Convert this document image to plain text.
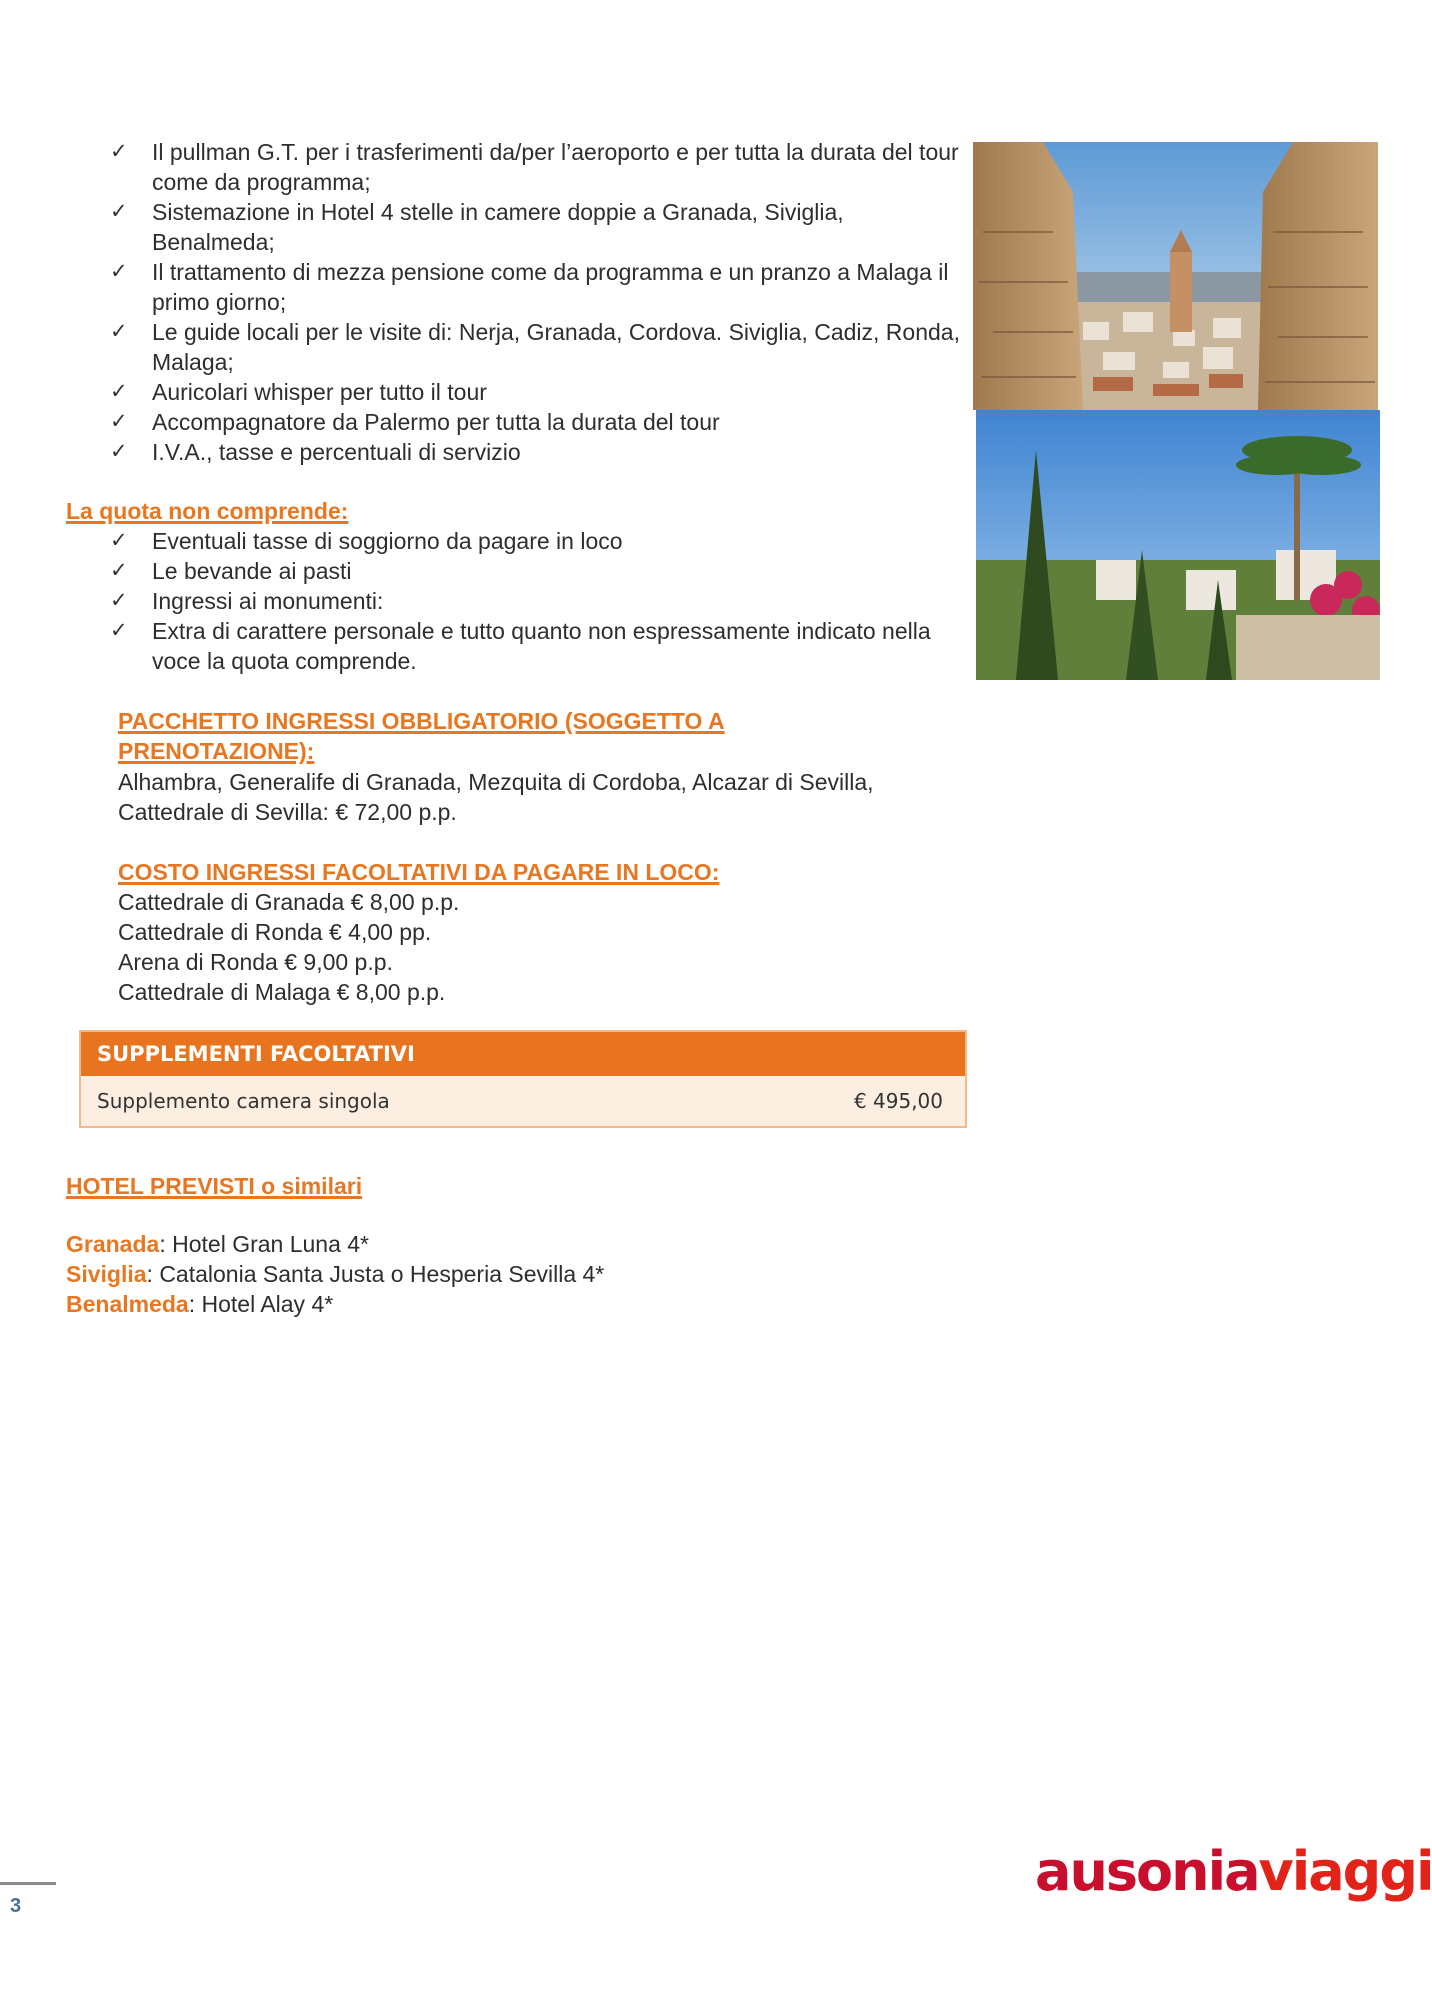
✓ Il pullman G.T. per i trasferimenti da/per l’aeroporto e per tutta la durata del tour come da programma;
✓ Sistemazione in Hotel 4 stelle in camere doppie a Granada, Siviglia, Benalmeda;
✓ Il trattamento di mezza pensione come da programma e un pranzo a Malaga il primo giorno;
✓ Le guide locali per le visite di: Nerja, Granada, Cordova. Siviglia, Cadiz, Ronda, Malaga;
✓ Auricolari whisper per tutto il tour
✓ Accompagnatore da Palermo per tutta la durata del tour
✓ I.V.A., tasse e percentuali di servizio
La quota non comprende:
✓ Eventuali tasse di soggiorno da pagare in loco
✓ Le bevande ai pasti
✓ Ingressi ai monumenti:
✓ Extra di carattere personale e tutto quanto non espressamente indicato nella voce la quota comprende.
PACCHETTO INGRESSI OBBLIGATORIO (SOGGETTO A PRENOTAZIONE):
Alhambra, Generalife di Granada, Mezquita di Cordoba, Alcazar di Sevilla, Cattedrale di Sevilla: € 72,00 p.p.
COSTO INGRESSI FACOLTATIVI DA PAGARE IN LOCO:
Cattedrale di Granada € 8,00 p.p.
Cattedrale di Ronda € 4,00 pp.
Arena di Ronda € 9,00 p.p.
Cattedrale di Malaga € 8,00 p.p.
SUPPLEMENTI FACOLTATIVI
Supplemento camera singola	€ 495,00
HOTEL PREVISTI o similari
Granada: Hotel Gran Luna 4*
Siviglia: Catalonia Santa Justa o Hesperia Sevilla 4*
Benalmeda: Hotel Alay 4*
3
ausoniaviaggi
